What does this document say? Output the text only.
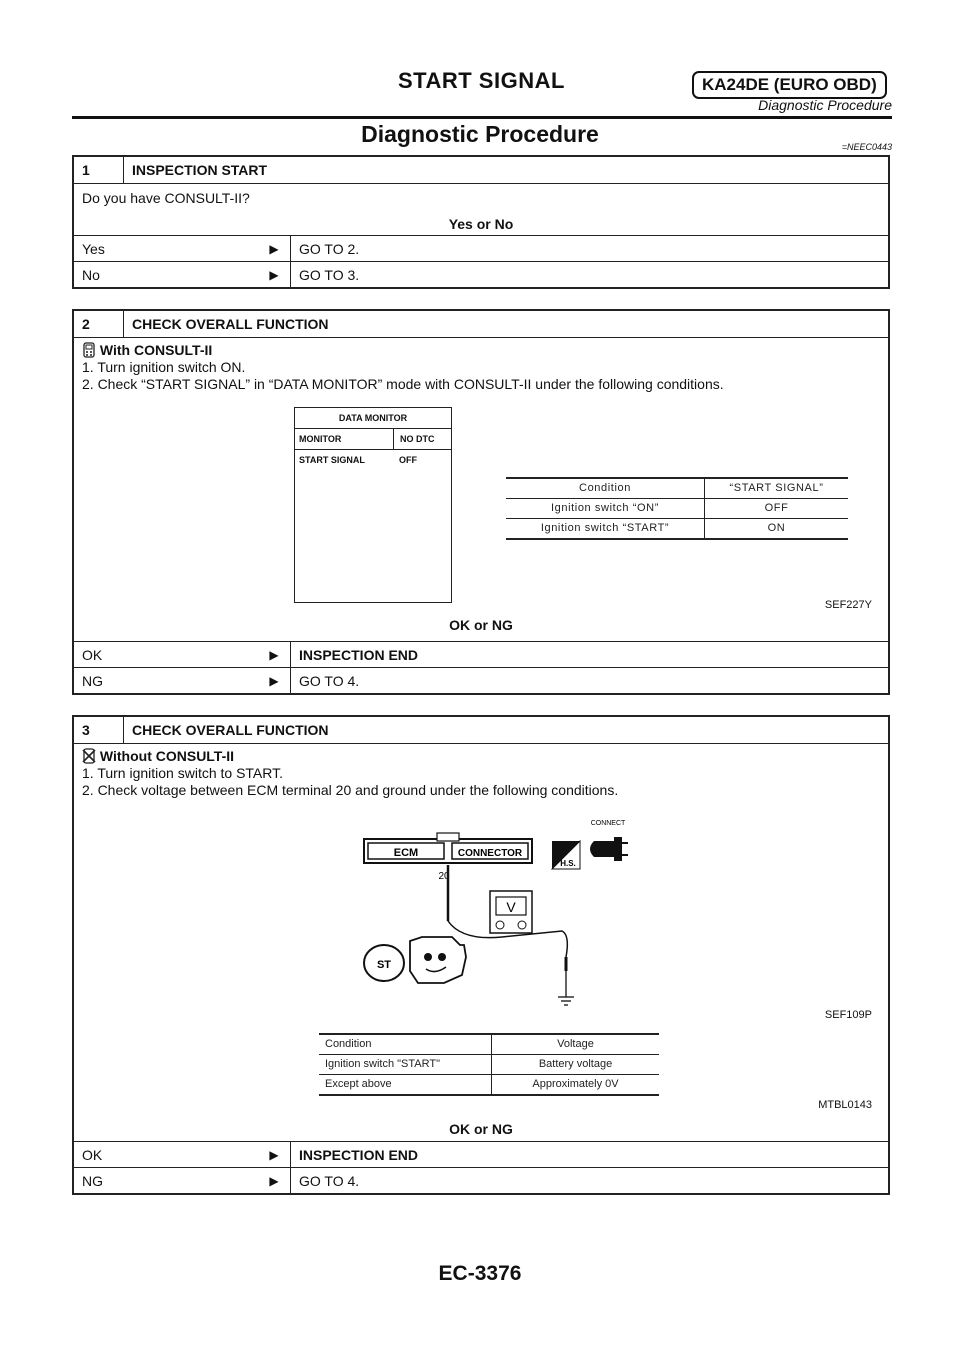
START SIGNAL	KA24DE (EURO OBD)
Diagnostic Procedure
Diagnostic Procedure	=NEEC0443
1	INSPECTION START
Do you have CONSULT-II?
Yes or No
Yes	▶	GO TO 2.
No	▶	GO TO 3.
2	CHECK OVERALL FUNCTION
With CONSULT-II
1. Turn ignition switch ON.
2. Check “START SIGNAL” in “DATA MONITOR” mode with CONSULT-II under the following conditions.
DATA MONITOR
MONITOR	NO DTC
START SIGNAL	OFF
Condition	“START SIGNAL”
Ignition switch “ON”	OFF
Ignition switch “START”	ON
SEF227Y
OK or NG
OK	▶	INSPECTION END
NG	▶	GO TO 4.
3	CHECK OVERALL FUNCTION
Without CONSULT-II
1. Turn ignition switch to START.
2. Check voltage between ECM terminal 20 and ground under the following conditions.
ECM	CONNECTOR
20
V
ST
H.S.
CONNECT
SEF109P
Condition	Voltage
Ignition switch "START"	Battery voltage
Except above	Approximately 0V
MTBL0143
OK or NG
OK	▶	INSPECTION END
NG	▶	GO TO 4.
EC-3376
